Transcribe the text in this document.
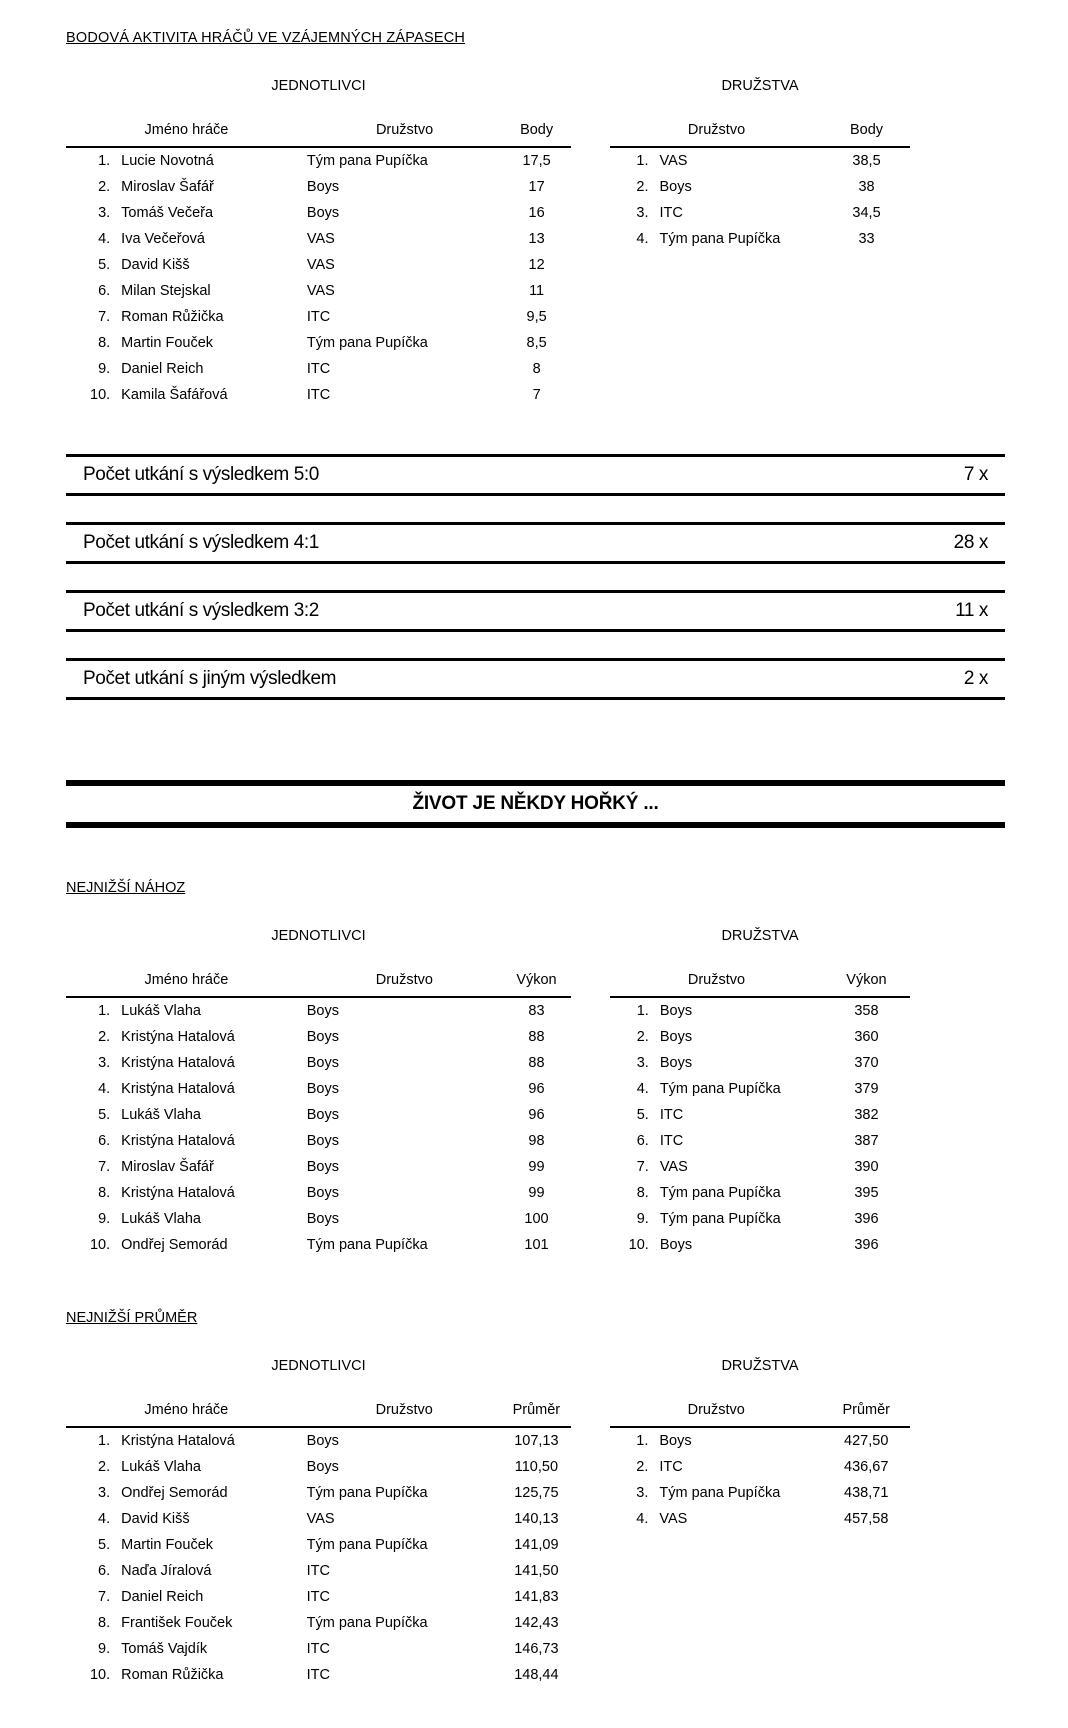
BODOVÁ AKTIVITA HRÁČŮ VE VZÁJEMNÝCH ZÁPASECH
JEDNOTLIVCI
Jméno hráče		Družstvo	Body
1.	Lucie Novotná	Tým pana Pupíčka	17,5
2.	Miroslav Šafář	Boys	17
3.	Tomáš Večeřa	Boys	16
4.	Iva Večeřová	VAS	13
5.	David Kišš	VAS	12
6.	Milan Stejskal	VAS	11
7.	Roman Růžička	ITC	9,5
8.	Martin Fouček	Tým pana Pupíčka	8,5
9.	Daniel Reich	ITC	8
10.	Kamila Šafářová	ITC	7
DRUŽSTVA
Družstvo		Body
1.	VAS	38,5
2.	Boys	38
3.	ITC	34,5
4.	Tým pana Pupíčka	33
Počet utkání s výsledkem 5:0	7 x
Počet utkání s výsledkem 4:1	28 x
Počet utkání s výsledkem 3:2	11 x
Počet utkání s jiným výsledkem	2 x
ŽIVOT JE NĚKDY HOŘKÝ ...
NEJNIŽŠÍ NÁHOZ
JEDNOTLIVCI
Jméno hráče		Družstvo	Výkon
1.	Lukáš Vlaha	Boys	83
2.	Kristýna Hatalová	Boys	88
3.	Kristýna Hatalová	Boys	88
4.	Kristýna Hatalová	Boys	96
5.	Lukáš Vlaha	Boys	96
6.	Kristýna Hatalová	Boys	98
7.	Miroslav Šafář	Boys	99
8.	Kristýna Hatalová	Boys	99
9.	Lukáš Vlaha	Boys	100
10.	Ondřej Semorád	Tým pana Pupíčka	101
DRUŽSTVA
Družstvo		Výkon
1.	Boys	358
2.	Boys	360
3.	Boys	370
4.	Tým pana Pupíčka	379
5.	ITC	382
6.	ITC	387
7.	VAS	390
8.	Tým pana Pupíčka	395
9.	Tým pana Pupíčka	396
10.	Boys	396
NEJNIŽŠÍ PRŮMĚR
JEDNOTLIVCI
Jméno hráče		Družstvo	Průměr
1.	Kristýna Hatalová	Boys	107,13
2.	Lukáš Vlaha	Boys	110,50
3.	Ondřej Semorád	Tým pana Pupíčka	125,75
4.	David Kišš	VAS	140,13
5.	Martin Fouček	Tým pana Pupíčka	141,09
6.	Naďa Jíralová	ITC	141,50
7.	Daniel Reich	ITC	141,83
8.	František Fouček	Tým pana Pupíčka	142,43
9.	Tomáš Vajdík	ITC	146,73
10.	Roman Růžička	ITC	148,44
DRUŽSTVA
Družstvo		Průměr
1.	Boys	427,50
2.	ITC	436,67
3.	Tým pana Pupíčka	438,71
4.	VAS	457,58
